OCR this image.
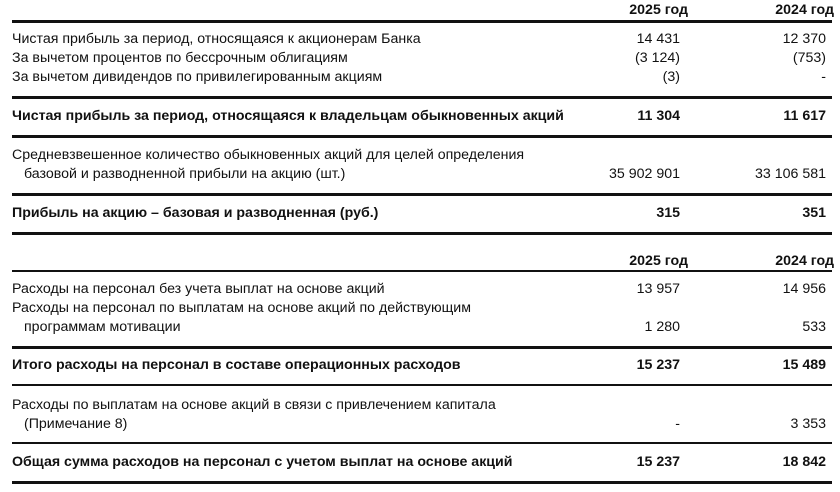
2025 год	2024 год
Чистая прибыль за период, относящаяся к акционерам Банка	14 431	12 370
За вычетом процентов по бессрочным облигациям	(3 124)	(753)
За вычетом дивидендов по привилегированным акциям	(3)	-
Чистая прибыль за период, относящаяся к владельцам обыкновенных акций	11 304	11 617
Средневзвешенное количество обыкновенных акций для целей определения
базовой и разводненной прибыли на акцию (шт.)	35 902 901	33 106 581
Прибыль на акцию – базовая и разводненная (руб.)	315	351
2025 год	2024 год
Расходы на персонал без учета выплат на основе акций	13 957	14 956
Расходы на персонал по выплатам на основе акций по действующим
программам мотивации	1 280	533
Итого расходы на персонал в составе операционных расходов	15 237	15 489
Расходы по выплатам на основе акций в связи с привлечением капитала
(Примечание 8)	-	3 353
Общая сумма расходов на персонал с учетом выплат на основе акций	15 237	18 842
